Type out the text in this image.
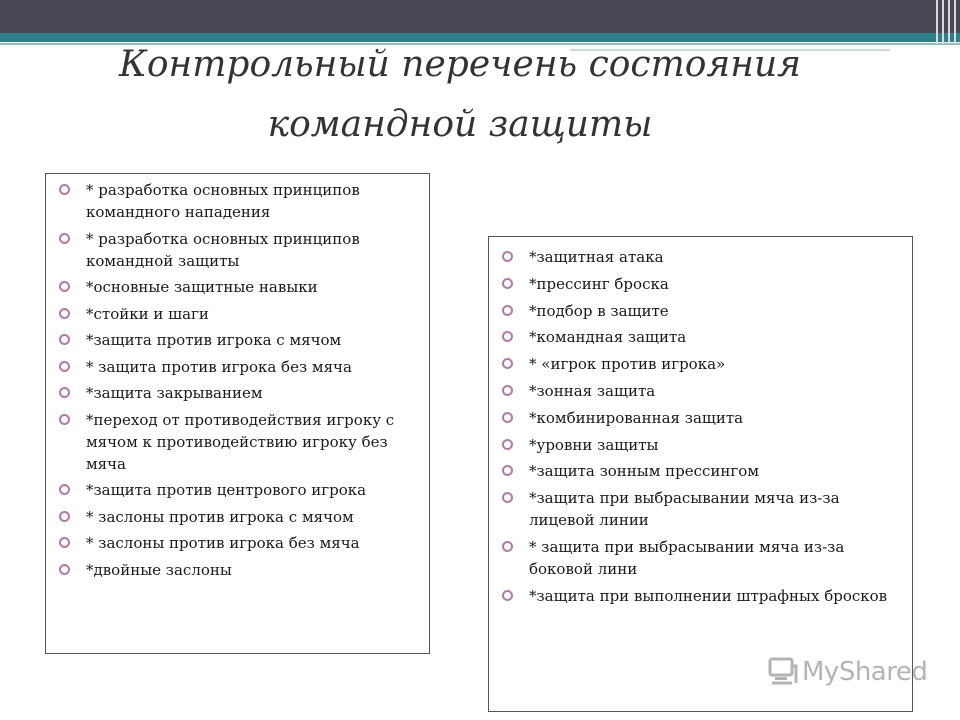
Контрольный перечень состояния
командной защиты
* разработка основных принципов командного нападения
* разработка основных принципов командной защиты
*основные защитные навыки
*стойки и шаги
*защита против игрока с мячом
* защита против игрока без мяча
*защита закрыванием
*переход от противодействия игроку с мячом к противодействию игроку без мяча
*защита против центрового игрока
* заслоны против игрока с мячом
* заслоны против игрока без мяча
*двойные заслоны
*защитная атака
*прессинг броска
*подбор в защите
*командная защита
* «игрок против игрока»
*зонная защита
*комбинированная защита
*уровни защиты
*защита зонным прессингом
*защита при выбрасывании мяча из-за лицевой линии
* защита при выбрасывании мяча из-за боковой лини
*защита при выполнении штрафных бросков
MyShared
